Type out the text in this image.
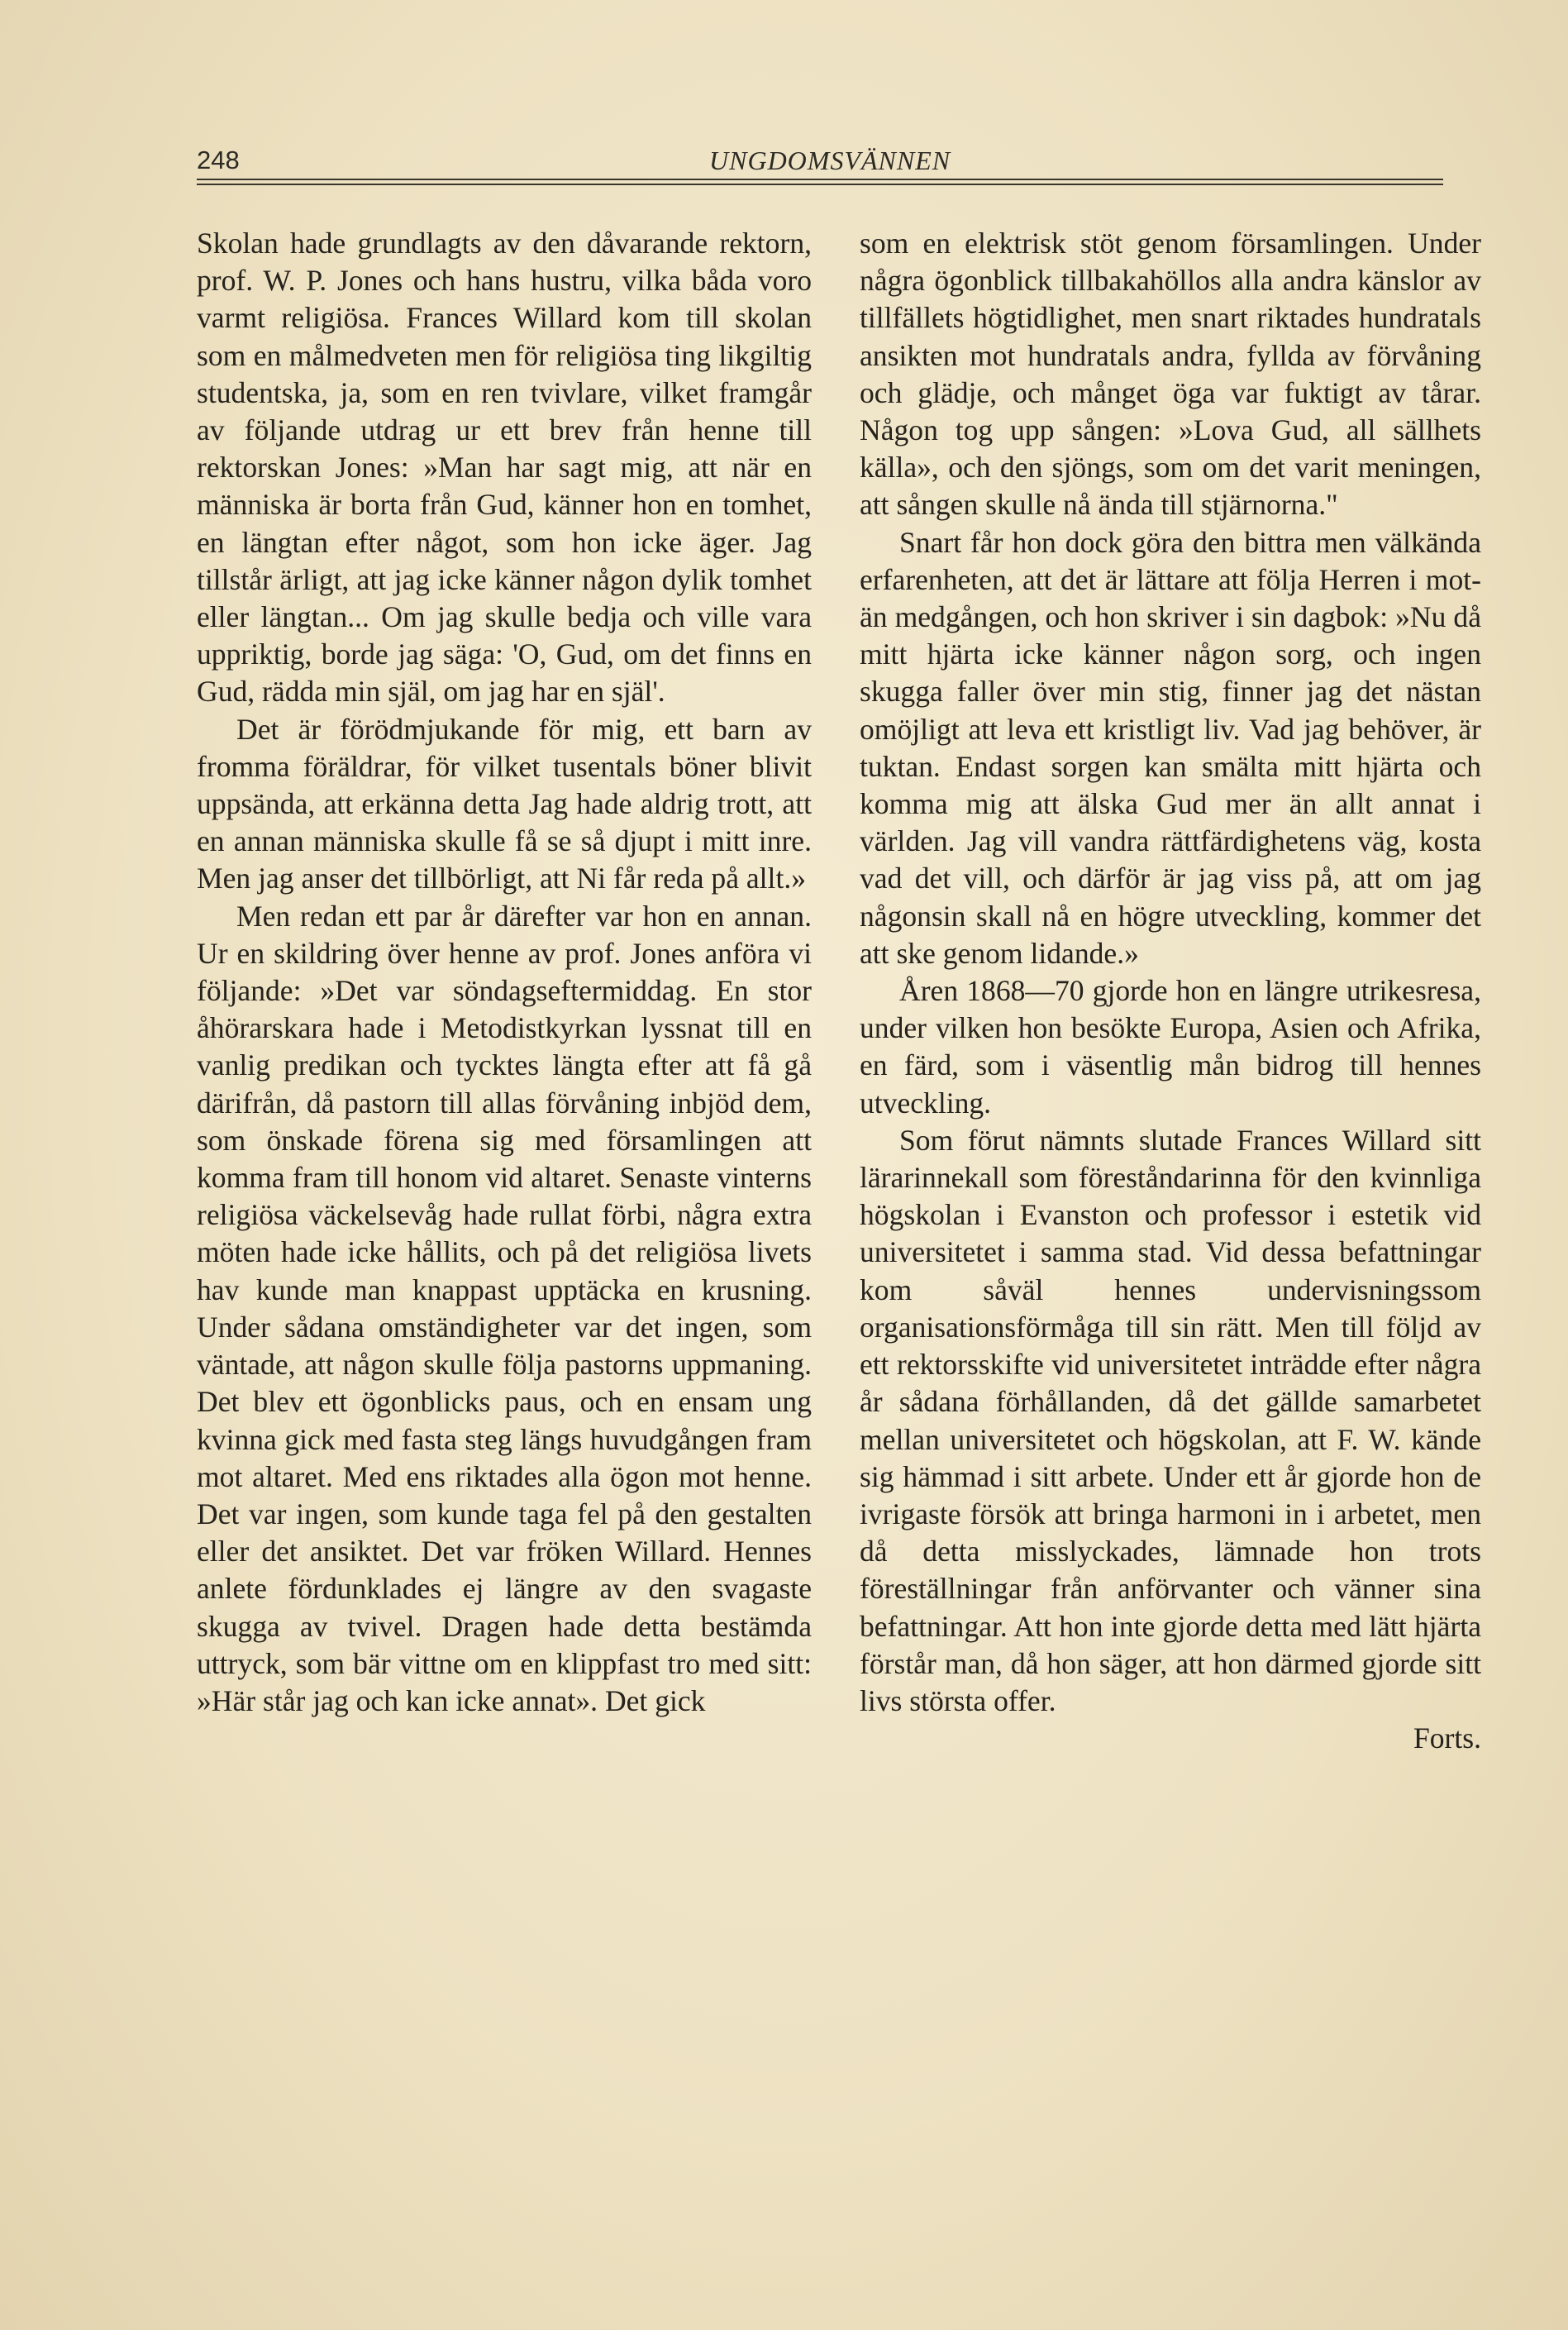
248	UNGDOMSVÄNNEN

Skolan hade grundlagts av den dåvarande rektorn, prof. W. P. Jones och hans hustru, vilka båda voro varmt religiösa. Frances Willard kom till skolan som en målmedveten men för religiösa ting likgiltig studentska, ja, som en ren tvivlare, vilket framgår av följande utdrag ur ett brev från henne till rektorskan Jones: »Man har sagt mig, att när en människa är borta från Gud, känner hon en tomhet, en längtan efter något, som hon icke äger. Jag tillstår ärligt, att jag icke känner någon dylik tomhet eller längtan... Om jag skulle bedja och ville vara uppriktig, borde jag säga: 'O, Gud, om det finns en Gud, rädda min själ, om jag har en själ'.

Det är förödmjukande för mig, ett barn av fromma föräldrar, för vilket tusentals böner blivit uppsända, att erkänna detta Jag hade aldrig trott, att en annan människa skulle få se så djupt i mitt inre. Men jag anser det tillbörligt, att Ni får reda på allt.»

Men redan ett par år därefter var hon en annan. Ur en skildring över henne av prof. Jones anföra vi följande: »Det var söndagseftermiddag. En stor åhörarskara hade i Metodistkyrkan lyssnat till en vanlig predikan och tycktes längta efter att få gå därifrån, då pastorn till allas förvåning inbjöd dem, som önskade förena sig med församlingen att komma fram till honom vid altaret. Senaste vinterns religiösa väckelsevåg hade rullat förbi, några extra möten hade icke hållits, och på det religiösa livets hav kunde man knappast upptäcka en krusning. Under sådana omständigheter var det ingen, som väntade, att någon skulle följa pastorns uppmaning. Det blev ett ögonblicks paus, och en ensam ung kvinna gick med fasta steg längs huvudgången fram mot altaret. Med ens riktades alla ögon mot henne. Det var ingen, som kunde taga fel på den gestalten eller det ansiktet. Det var fröken Willard. Hennes anlete fördunklades ej längre av den svagaste skugga av tvivel. Dragen hade detta bestämda uttryck, som bär vittne om en klippfast tro med sitt: »Här står jag och kan icke annat». Det gick

som en elektrisk stöt genom församlingen. Under några ögonblick tillbakahöllos alla andra känslor av tillfällets högtidlighet, men snart riktades hundratals ansikten mot hundratals andra, fyllda av förvåning och glädje, och månget öga var fuktigt av tårar. Någon tog upp sången: »Lova Gud, all sällhets källa», och den sjöngs, som om det varit meningen, att sången skulle nå ända till stjärnorna."

Snart får hon dock göra den bittra men välkända erfarenheten, att det är lättare att följa Herren i mot- än medgången, och hon skriver i sin dagbok: »Nu då mitt hjärta icke känner någon sorg, och ingen skugga faller över min stig, finner jag det nästan omöjligt att leva ett kristligt liv. Vad jag behöver, är tuktan. Endast sorgen kan smälta mitt hjärta och komma mig att älska Gud mer än allt annat i världen. Jag vill vandra rättfärdighetens väg, kosta vad det vill, och därför är jag viss på, att om jag någonsin skall nå en högre utveckling, kommer det att ske genom lidande.»

Åren 1868—70 gjorde hon en längre utrikesresa, under vilken hon besökte Europa, Asien och Afrika, en färd, som i väsentlig mån bidrog till hennes utveckling.

Som förut nämnts slutade Frances Willard sitt lärarinnekall som föreståndarinna för den kvinnliga högskolan i Evanston och professor i estetik vid universitetet i samma stad. Vid dessa befattningar kom såväl hennes undervisningssom organisationsförmåga till sin rätt. Men till följd av ett rektorsskifte vid universitetet inträdde efter några år sådana förhållanden, då det gällde samarbetet mellan universitetet och högskolan, att F. W. kände sig hämmad i sitt arbete. Under ett år gjorde hon de ivrigaste försök att bringa harmoni in i arbetet, men då detta misslyckades, lämnade hon trots föreställningar från anförvanter och vänner sina befattningar. Att hon inte gjorde detta med lätt hjärta förstår man, då hon säger, att hon därmed gjorde sitt livs största offer.

Forts.
